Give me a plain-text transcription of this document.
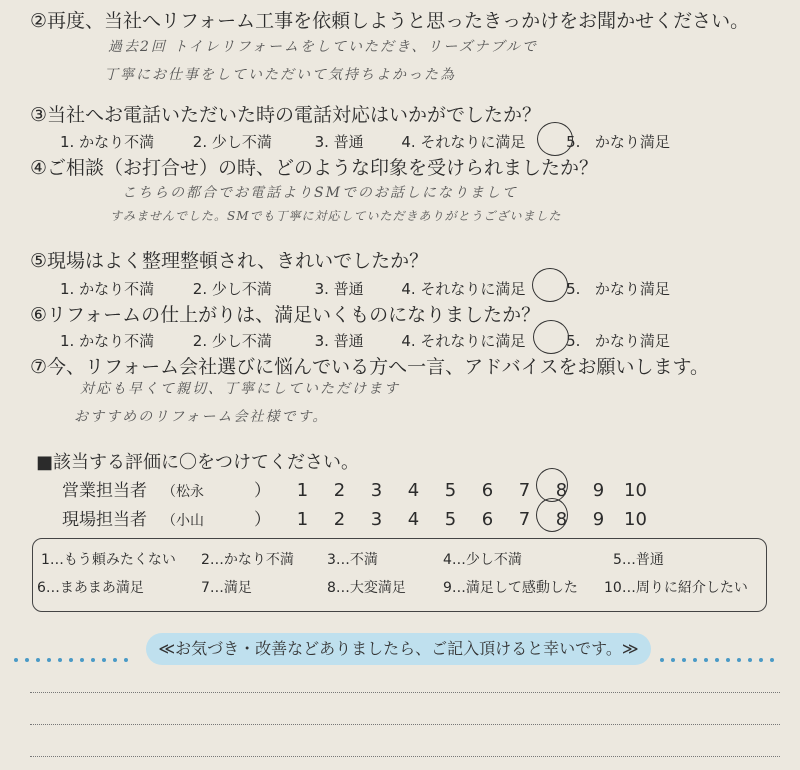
②再度、当社へリフォーム工事を依頼しようと思ったきっかけをお聞かせください。
過去2回 トイレリフォームをしていただき、リーズナブルで
丁寧にお仕事をしていただいて気持ちよかった為
③当社へお電話いただいた時の電話対応はいかがでしたか？
1. かなり不満	2. 少し不満	3. 普通	4. それなりに満足	5. かなり満足
④ご相談（お打合せ）の時、どのような印象を受けられましたか？
こちらの都合でお電話よりSMでのお話しになりまして
すみませんでした。SMでも丁寧に対応していただきありがとうございました
⑤現場はよく整理整頓され、きれいでしたか？
1. かなり不満	2. 少し不満	3. 普通	4. それなりに満足	5. かなり満足
⑥リフォームの仕上がりは、満足いくものになりましたか？
1. かなり不満	2. 少し不満	3. 普通	4. それなりに満足	5. かなり満足
⑦今、リフォーム会社選びに悩んでいる方へ一言、アドバイスをお願いします。
対応も早くて親切、丁寧にしていただけます
おすすめのリフォーム会社様です。
■該当する評価に〇をつけてください。
営業担当者 （松永	） 1 2 3 4 5 6 7 8 9 10
現場担当者 （小山	） 1 2 3 4 5 6 7 8 9 10
1…もう頼みたくない 2…かなり不満 3…不満	4…少し不満	5…普通
6…まあまあ満足	7…満足	8…大変満足	9…満足して感動した 10…周りに紹介したい
≪お気づき・改善などありましたら、ご記入頂けると幸いです。≫
